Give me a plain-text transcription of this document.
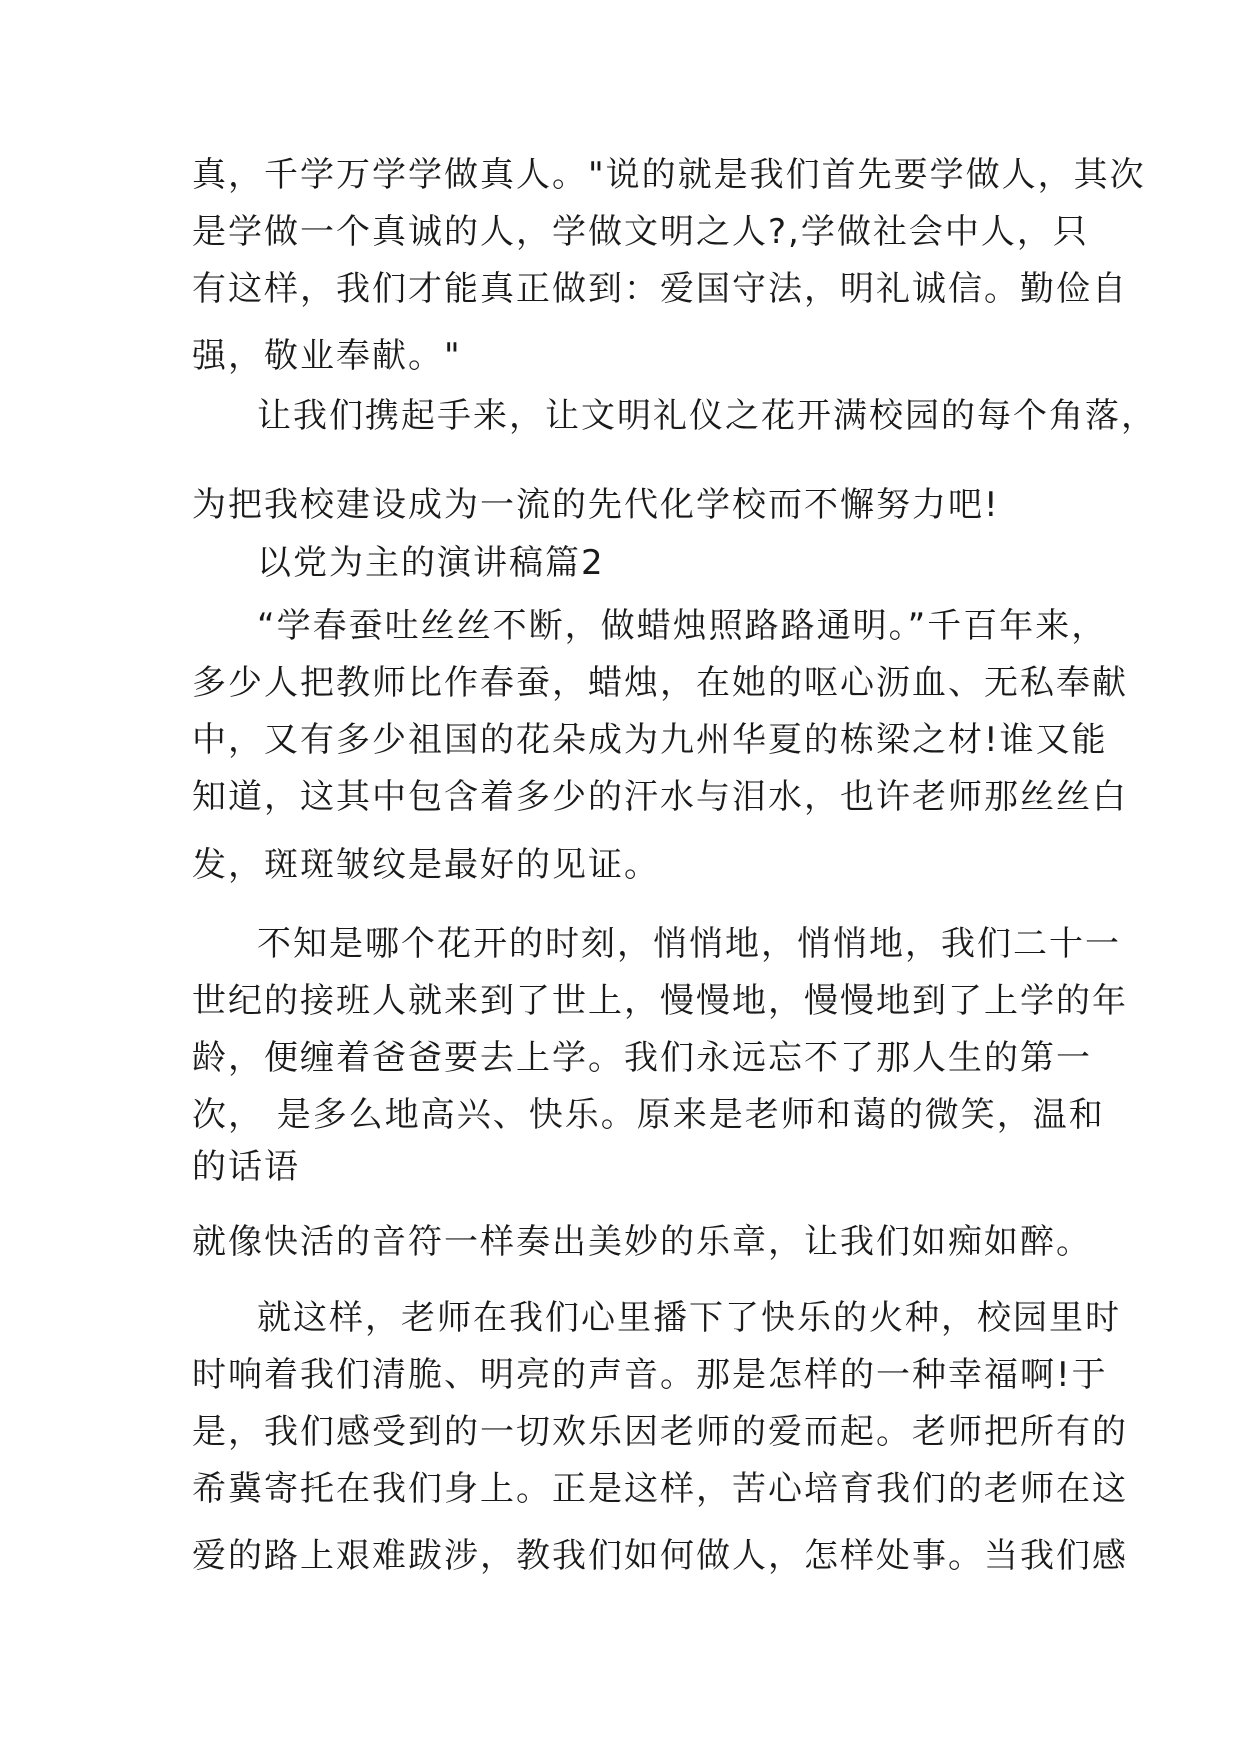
真，千学万学学做真人。"说的就是我们首先要学做人，其次

是学做一个真诚的人，学做文明之人?,学做社会中人，只

有这样，我们才能真正做到：爱国守法，明礼诚信。勤俭自

强，敬业奉献。"

让我们携起手来，让文明礼仪之花开满校园的每个角落，

为把我校建设成为一流的先代化学校而不懈努力吧!

以党为主的演讲稿篇2

“学春蚕吐丝丝不断，做蜡烛照路路通明。”千百年来，

多少人把教师比作春蚕，蜡烛，在她的呕心沥血、无私奉献

中，又有多少祖国的花朵成为九州华夏的栋梁之材!谁又能

知道，这其中包含着多少的汗水与泪水，也许老师那丝丝白

发，斑斑皱纹是最好的见证。

不知是哪个花开的时刻，悄悄地，悄悄地，我们二十一

世纪的接班人就来到了世上，慢慢地，慢慢地到了上学的年

龄，便缠着爸爸要去上学。我们永远忘不了那人生的第一

次， 是多么地高兴、快乐。原来是老师和蔼的微笑，温和

的话语

就像快活的音符一样奏出美妙的乐章，让我们如痴如醉。

就这样，老师在我们心里播下了快乐的火种，校园里时

时响着我们清脆、明亮的声音。那是怎样的一种幸福啊!于

是，我们感受到的一切欢乐因老师的爱而起。老师把所有的

希冀寄托在我们身上。正是这样，苦心培育我们的老师在这

爱的路上艰难跋涉，教我们如何做人，怎样处事。当我们感
